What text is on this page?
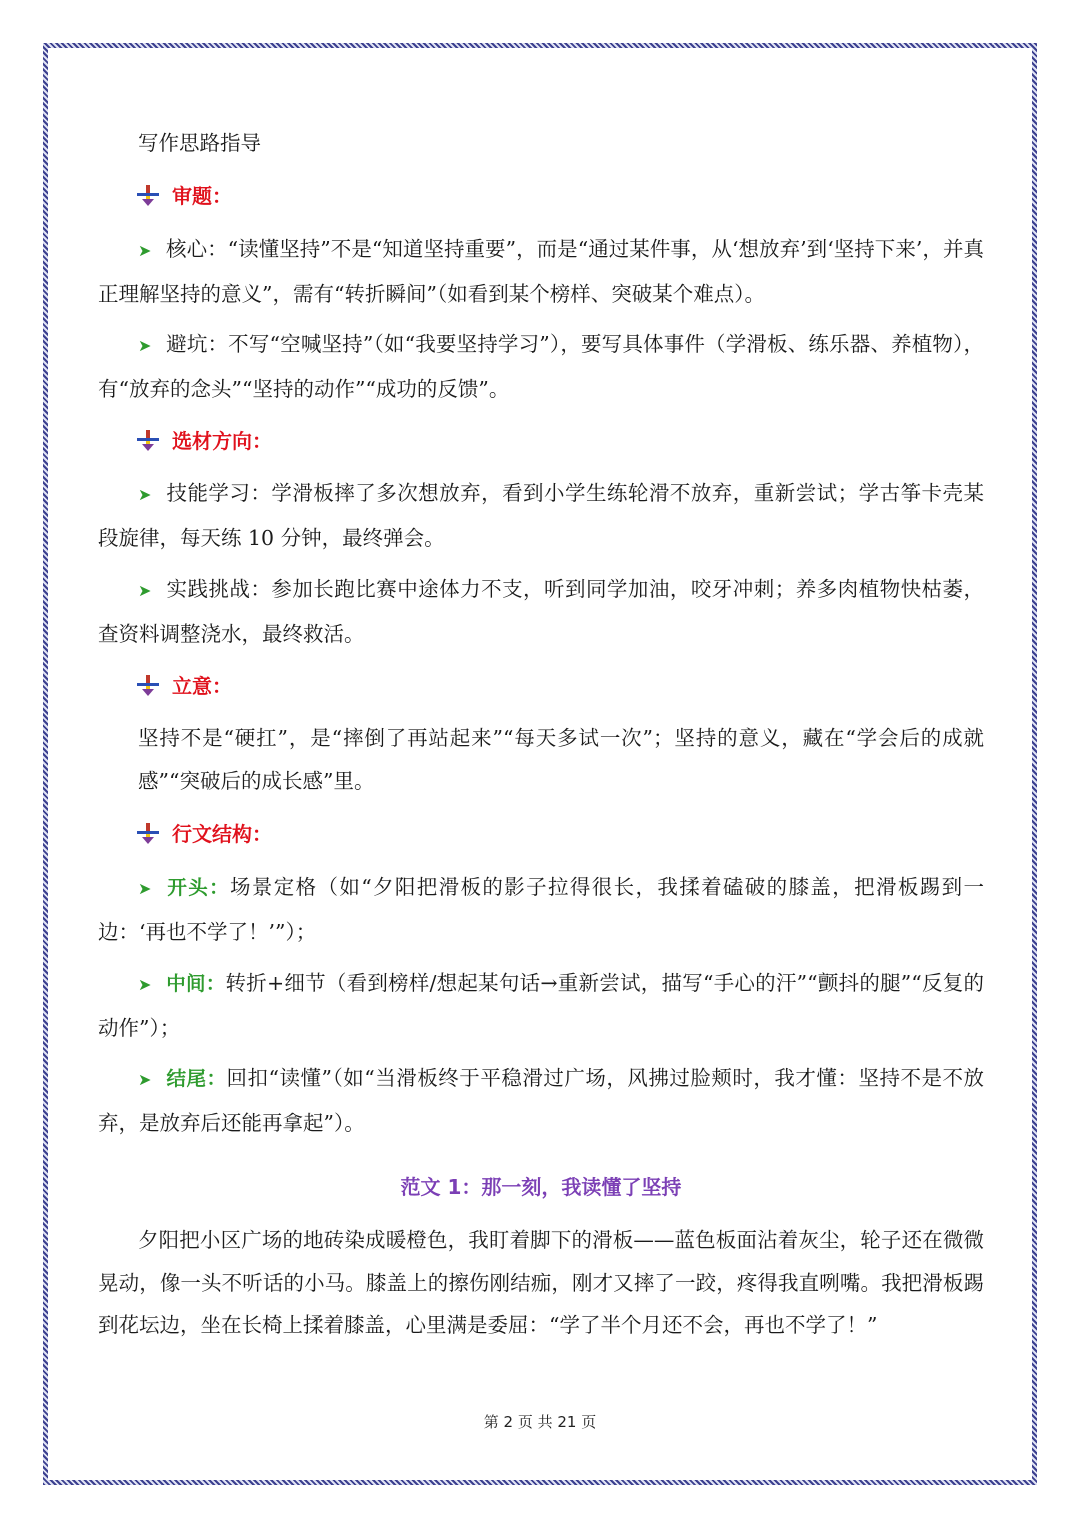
写作思路指导
审题：

➤ 核心：“读懂坚持”不是“知道坚持重要”，而是“通过某件事，从‘想放弃’到‘坚持下来’，并真正理解坚持的意义”，需有“转折瞬间”（如看到某个榜样、突破某个难点）。

➤ 避坑：不写“空喊坚持”（如“我要坚持学习”），要写具体事件（学滑板、练乐器、养植物），有“放弃的念头”“坚持的动作”“成功的反馈”。

选材方向：

➤ 技能学习：学滑板摔了多次想放弃，看到小学生练轮滑不放弃，重新尝试；学古筝卡壳某段旋律，每天练 10 分钟，最终弹会。

➤ 实践挑战：参加长跑比赛中途体力不支，听到同学加油，咬牙冲刺；养多肉植物快枯萎，查资料调整浇水，最终救活。

立意：

坚持不是“硬扛”，是“摔倒了再站起来”“每天多试一次”；坚持的意义，藏在“学会后的成就感”“突破后的成长感”里。

行文结构：

➤ 开头：场景定格（如“夕阳把滑板的影子拉得很长，我揉着磕破的膝盖，把滑板踢到一边：‘再也不学了！’”）；

➤ 中间：转折+细节（看到榜样/想起某句话→重新尝试，描写“手心的汗”“颤抖的腿”“反复的动作”）；

➤ 结尾：回扣“读懂”（如“当滑板终于平稳滑过广场，风拂过脸颊时，我才懂：坚持不是不放弃，是放弃后还能再拿起”）。

范文 1：那一刻，我读懂了坚持

夕阳把小区广场的地砖染成暖橙色，我盯着脚下的滑板——蓝色板面沾着灰尘，轮子还在微微晃动，像一头不听话的小马。膝盖上的擦伤刚结痂，刚才又摔了一跤，疼得我直咧嘴。我把滑板踢到花坛边，坐在长椅上揉着膝盖，心里满是委屈：“学了半个月还不会，再也不学了！”

第 2 页 共 21 页
